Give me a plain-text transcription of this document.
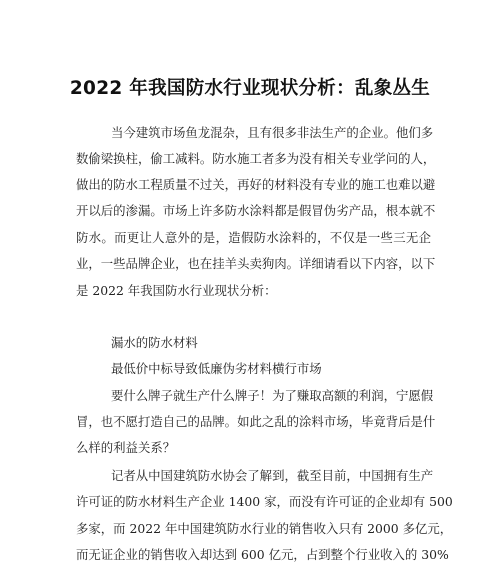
2022 年我国防水行业现状分析：乱象丛生
当今建筑市场鱼龙混杂，且有很多非法生产的企业。他们多
数偷梁换柱，偷工减料。防水施工者多为没有相关专业学问的人，
做出的防水工程质量不过关，再好的材料没有专业的施工也难以避
开以后的渗漏。市场上许多防水涂料都是假冒伪劣产品，根本就不
防水。而更让人意外的是，造假防水涂料的，不仅是一些三无企
业，一些品牌企业，也在挂羊头卖狗肉。详细请看以下内容，以下
是 2022 年我国防水行业现状分析：
漏水的防水材料
最低价中标导致低廉伪劣材料横行市场
要什么牌子就生产什么牌子！为了赚取高额的利润，宁愿假
冒，也不愿打造自己的品牌。如此之乱的涂料市场，毕竟背后是什
么样的利益关系？
记者从中国建筑防水协会了解到，截至目前，中国拥有生产
许可证的防水材料生产企业 1400 家，而没有许可证的企业却有 500
多家，而 2022 年中国建筑防水行业的销售收入只有 2000 多亿元，
而无证企业的销售收入却达到 600 亿元，占到整个行业收入的 30%
